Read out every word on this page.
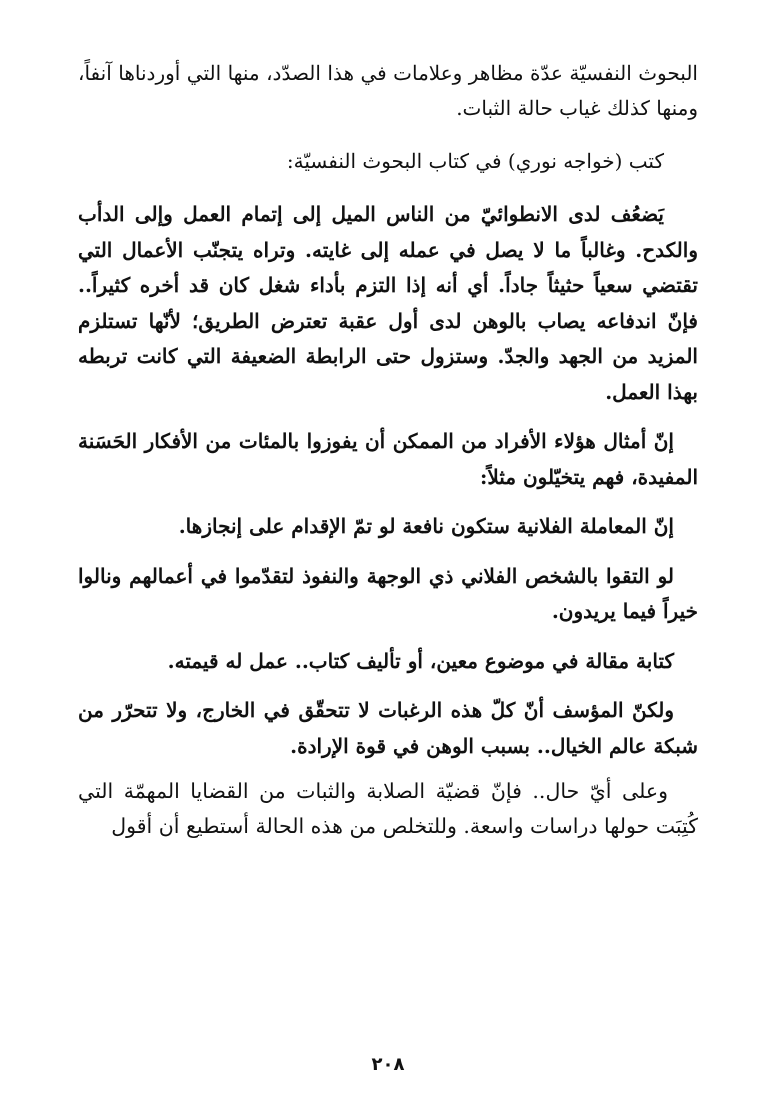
البحوث النفسيّة عدّة مظاهر وعلامات في هذا الصدّد، منها التي أوردناها آنفاً، ومنها كذلك غياب حالة الثبات.

كتب (خواجه نوري) في كتاب البحوث النفسيّة:

يَضعُف لدى الانطوائيّ من الناس الميل إلى إتمام العمل وإلى الدأب والكدح. وغالباً ما لا يصل في عمله إلى غايته. وتراه يتجنّب الأعمال التي تقتضي سعياً حثيثاً جاداً. أي أنه إذا التزم بأداء شغل كان قد أخره كثيراً.. فإنّ اندفاعه يصاب بالوهن لدى أول عقبة تعترض الطريق؛ لأنّها تستلزم المزيد من الجهد والجدّ. وستزول حتى الرابطة الضعيفة التي كانت تربطه بهذا العمل.

إنّ أمثال هؤلاء الأفراد من الممكن أن يفوزوا بالمئات من الأفكار الحَسَنة المفيدة، فهم يتخيّلون مثلاً:

إنّ المعاملة الفلانية ستكون نافعة لو تمّ الإقدام على إنجازها.

لو التقوا بالشخص الفلاني ذي الوجهة والنفوذ لتقدّموا في أعمالهم ونالوا خيراً فيما يريدون.

كتابة مقالة في موضوع معين، أو تأليف كتاب.. عمل له قيمته.

ولكنّ المؤسف أنّ كلّ هذه الرغبات لا تتحقّق في الخارج، ولا تتحرّر من شبكة عالم الخيال.. بسبب الوهن في قوة الإرادة.

وعلى أيّ حال.. فإنّ قضيّة الصلابة والثبات من القضايا المهمّة التي كُتِبَت حولها دراسات واسعة. وللتخلص من هذه الحالة أستطيع أن أقول

٢٠٨
